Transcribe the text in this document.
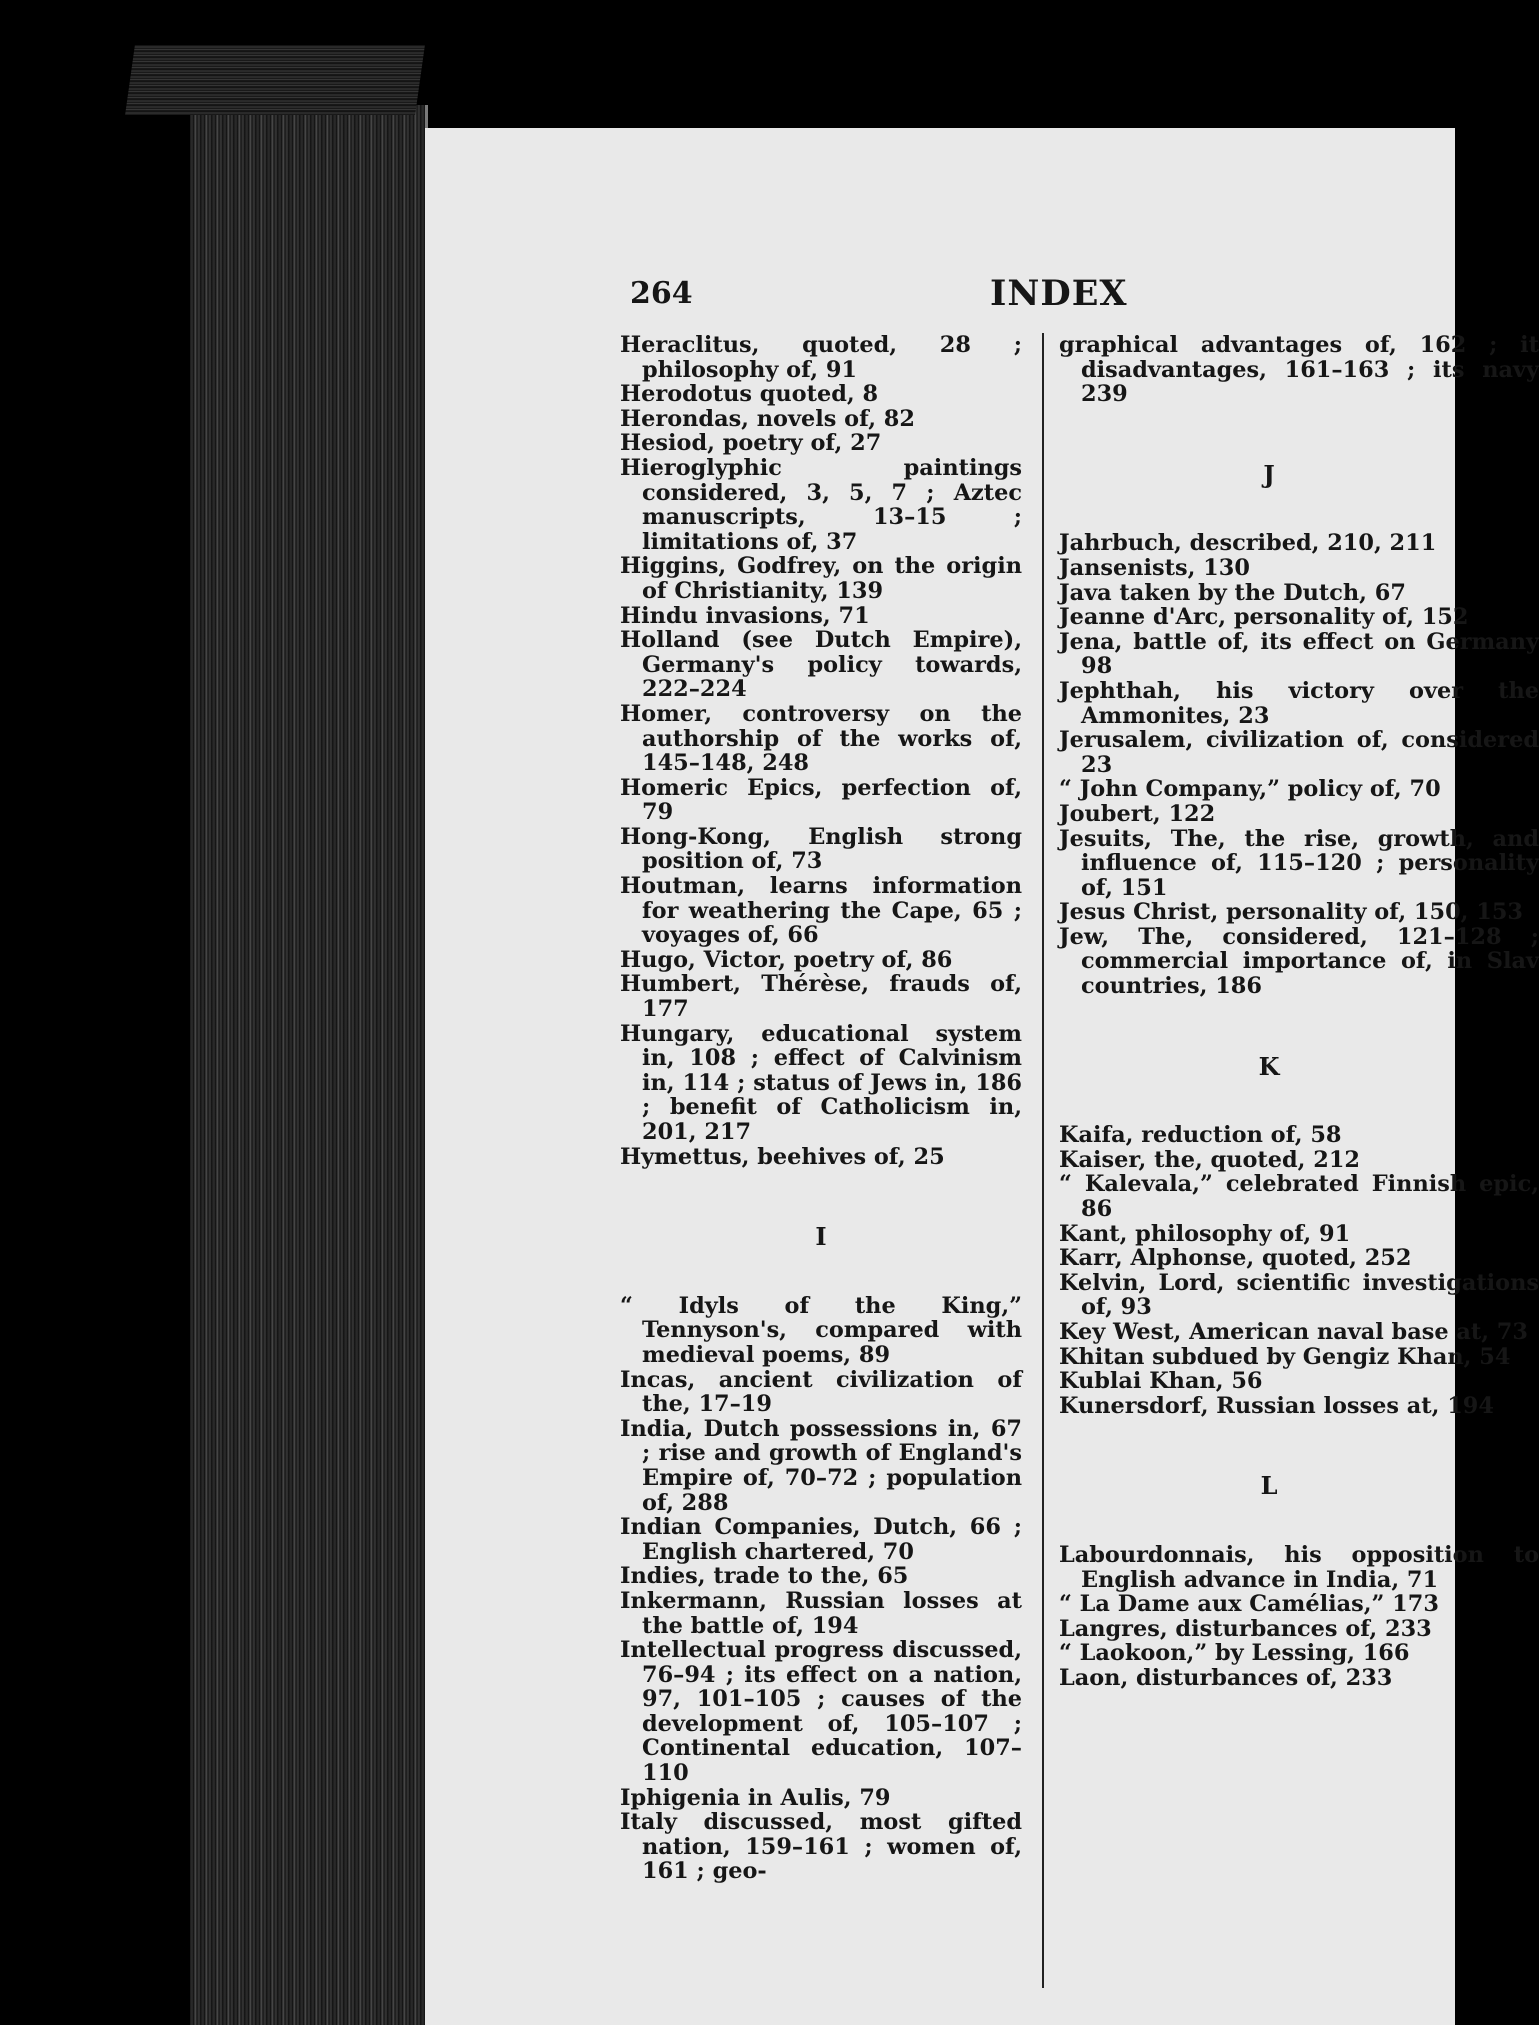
264	INDEX

Heraclitus, quoted, 28 ; philosophy of, 91

Herodotus quoted, 8

Herondas, novels of, 82

Hesiod, poetry of, 27

Hieroglyphic paintings considered, 3, 5, 7 ; Aztec manuscripts, 13–15 ; limitations of, 37

Higgins, Godfrey, on the origin of Christianity, 139

Hindu invasions, 71

Holland (see Dutch Empire), Germany's policy towards, 222–224

Homer, controversy on the authorship of the works of, 145–148, 248

Homeric Epics, perfection of, 79

Hong-Kong, English strong position of, 73

Houtman, learns information for weathering the Cape, 65 ; voyages of, 66

Hugo, Victor, poetry of, 86

Humbert, Thérèse, frauds of, 177

Hungary, educational system in, 108 ; effect of Calvinism in, 114 ; status of Jews in, 186 ; benefit of Catholicism in, 201, 217

Hymettus, beehives of, 25

I

“ Idyls of the King,” Tennyson's, compared with medieval poems, 89

Incas, ancient civilization of the, 17–19

India, Dutch possessions in, 67 ; rise and growth of England's Empire of, 70–72 ; population of, 288

Indian Companies, Dutch, 66 ; English chartered, 70

Indies, trade to the, 65

Inkermann, Russian losses at the battle of, 194

Intellectual progress discussed, 76–94 ; its effect on a nation, 97, 101–105 ; causes of the development of, 105–107 ; Continental education, 107–110

Iphigenia in Aulis, 79

Italy discussed, most gifted nation, 159–161 ; women of, 161 ; geo-

graphical advantages of, 162 ; it disadvantages, 161–163 ; its navy 239

J

Jahrbuch, described, 210, 211

Jansenists, 130

Java taken by the Dutch, 67

Jeanne d'Arc, personality of, 152

Jena, battle of, its effect on Germany 98

Jephthah, his victory over the Ammonites, 23

Jerusalem, civilization of, considered 23

“ John Company,” policy of, 70

Joubert, 122

Jesuits, The, the rise, growth, and influence of, 115–120 ; personality of, 151

Jesus Christ, personality of, 150, 153

Jew, The, considered, 121–128 ; commercial importance of, in Slav countries, 186

K

Kaifa, reduction of, 58

Kaiser, the, quoted, 212

“ Kalevala,” celebrated Finnish epic, 86

Kant, philosophy of, 91

Karr, Alphonse, quoted, 252

Kelvin, Lord, scientific investigations of, 93

Key West, American naval base at, 73

Khitan subdued by Gengiz Khan, 54

Kublai Khan, 56

Kunersdorf, Russian losses at, 194

L

Labourdonnais, his opposition to English advance in India, 71

“ La Dame aux Camélias,” 173

Langres, disturbances of, 233

“ Laokoon,” by Lessing, 166

Laon, disturbances of, 233
